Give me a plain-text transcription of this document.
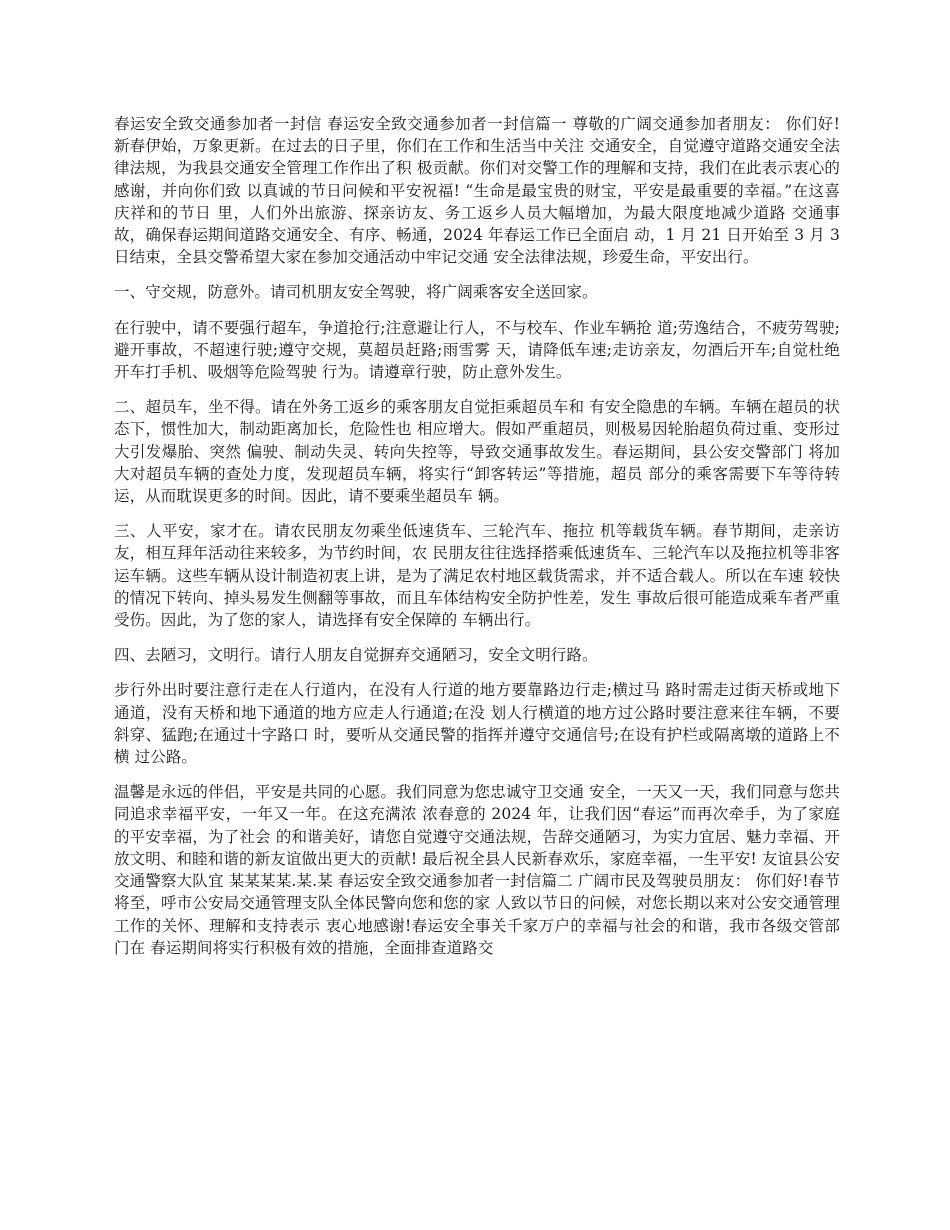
春运安全致交通参加者一封信 春运安全致交通参加者一封信篇一 尊敬的广阔交通参加者朋友： 你们好! 新春伊始，万象更新。在过去的日子里，你们在工作和生活当中关注 交通安全，自觉遵守道路交通安全法律法规，为我县交通安全管理工作作出了积 极贡献。你们对交警工作的理解和支持，我们在此表示衷心的感谢，并向你们致 以真诚的节日问候和平安祝福! “生命是最宝贵的财宝，平安是最重要的幸福。”在这喜庆祥和的节日 里，人们外出旅游、探亲访友、务工返乡人员大幅增加，为最大限度地减少道路 交通事故，确保春运期间道路交通安全、有序、畅通，2024 年春运工作已全面启 动，1 月 21 日开始至 3 月 3 日结束，全县交警希望大家在参加交通活动中牢记交通 安全法律法规，珍爱生命，平安出行。

一、守交规，防意外。请司机朋友安全驾驶，将广阔乘客安全送回家。

在行驶中，请不要强行超车，争道抢行;注意避让行人，不与校车、作业车辆抢 道;劳逸结合，不疲劳驾驶;避开事故，不超速行驶;遵守交规，莫超员赶路;雨雪雾 天，请降低车速;走访亲友，勿酒后开车;自觉杜绝开车打手机、吸烟等危险驾驶 行为。请遵章行驶，防止意外发生。

二、超员车，坐不得。请在外务工返乡的乘客朋友自觉拒乘超员车和 有安全隐患的车辆。车辆在超员的状态下，惯性加大，制动距离加长，危险性也 相应增大。假如严重超员，则极易因轮胎超负荷过重、变形过大引发爆胎、突然 偏驶、制动失灵、转向失控等，导致交通事故发生。春运期间，县公安交警部门 将加大对超员车辆的查处力度，发现超员车辆，将实行“卸客转运”等措施，超员 部分的乘客需要下车等待转运，从而耽误更多的时间。因此，请不要乘坐超员车 辆。

三、人平安，家才在。请农民朋友勿乘坐低速货车、三轮汽车、拖拉 机等载货车辆。春节期间，走亲访友，相互拜年活动往来较多，为节约时间，农 民朋友往往选择搭乘低速货车、三轮汽车以及拖拉机等非客运车辆。这些车辆从设计制造初衷上讲，是为了满足农村地区载货需求，并不适合载人。所以在车速 较快的情况下转向、掉头易发生侧翻等事故，而且车体结构安全防护性差，发生 事故后很可能造成乘车者严重受伤。因此，为了您的家人，请选择有安全保障的 车辆出行。

四、去陋习，文明行。请行人朋友自觉摒弃交通陋习，安全文明行路。

步行外出时要注意行走在人行道内，在没有人行道的地方要靠路边行走;横过马 路时需走过街天桥或地下通道，没有天桥和地下通道的地方应走人行通道;在没 划人行横道的地方过公路时要注意来往车辆，不要斜穿、猛跑;在通过十字路口 时，要听从交通民警的指挥并遵守交通信号;在设有护栏或隔离墩的道路上不横 过公路。

温馨是永远的伴侣，平安是共同的心愿。我们同意为您忠诚守卫交通 安全，一天又一天，我们同意与您共同追求幸福平安，一年又一年。在这充满浓 浓春意的 2024 年，让我们因“春运”而再次牵手，为了家庭的平安幸福，为了社会 的和谐美好，请您自觉遵守交通法规，告辞交通陋习，为实力宜居、魅力幸福、开放文明、和睦和谐的新友谊做出更大的贡献! 最后祝全县人民新春欢乐，家庭幸福，一生平安! 友谊县公安交通警察大队宜 某某某某.某.某 春运安全致交通参加者一封信篇二 广阔市民及驾驶员朋友： 你们好!春节将至，呼市公安局交通管理支队全体民警向您和您的家 人致以节日的问候，对您长期以来对公安交通管理工作的关怀、理解和支持表示 衷心地感谢!春运安全事关千家万户的幸福与社会的和谐，我市各级交管部门在 春运期间将实行积极有效的措施，全面排查道路交
